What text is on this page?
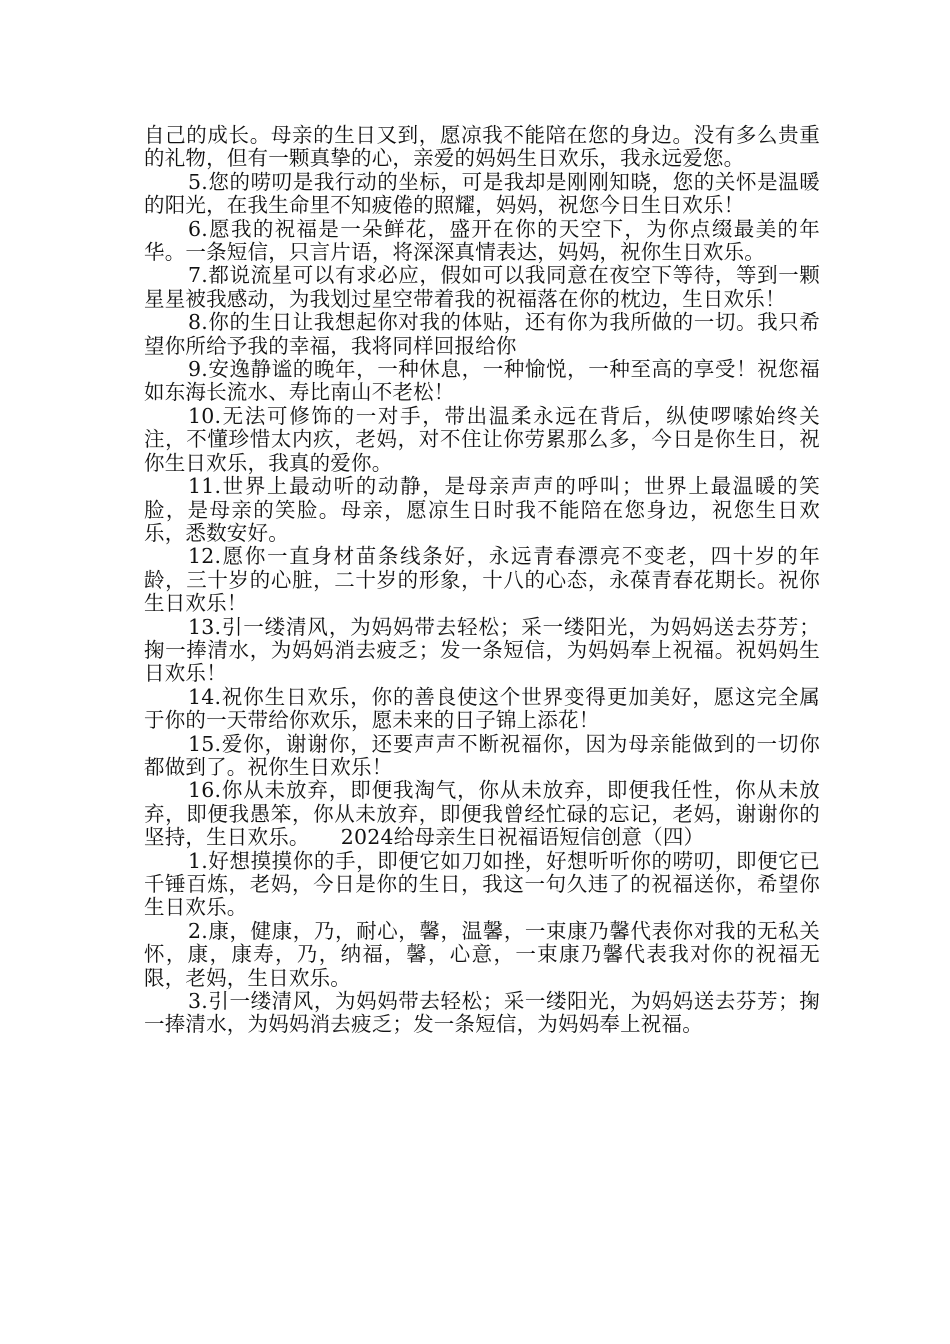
自己的成长。母亲的生日又到，愿凉我不能陪在您的身边。没有多么贵重的礼物，但有一颗真挚的心，亲爱的妈妈生日欢乐，我永远爱您。

5.您的唠叨是我行动的坐标，可是我却是刚刚知晓，您的关怀是温暖的阳光，在我生命里不知疲倦的照耀，妈妈，祝您今日生日欢乐！

6.愿我的祝福是一朵鲜花，盛开在你的天空下，为你点缀最美的年华。一条短信，只言片语，将深深真情表达，妈妈，祝你生日欢乐。

7.都说流星可以有求必应，假如可以我同意在夜空下等待，等到一颗星星被我感动，为我划过星空带着我的祝福落在你的枕边，生日欢乐！

8.你的生日让我想起你对我的体贴，还有你为我所做的一切。我只希望你所给予我的幸福，我将同样回报给你

9.安逸静谧的晚年，一种休息，一种愉悦，一种至高的享受！祝您福如东海长流水、寿比南山不老松！

10.无法可修饰的一对手，带出温柔永远在背后，纵使啰嗦始终关注，不懂珍惜太内疚，老妈，对不住让你劳累那么多，今日是你生日，祝你生日欢乐，我真的爱你。

11.世界上最动听的动静，是母亲声声的呼叫；世界上最温暖的笑脸，是母亲的笑脸。母亲，愿凉生日时我不能陪在您身边，祝您生日欢乐，悉数安好。

12.愿你一直身材苗条线条好，永远青春漂亮不变老，四十岁的年龄，三十岁的心脏，二十岁的形象，十八的心态，永葆青春花期长。祝你生日欢乐！

13.引一缕清风，为妈妈带去轻松；采一缕阳光，为妈妈送去芬芳；掬一捧清水，为妈妈消去疲乏；发一条短信，为妈妈奉上祝福。祝妈妈生日欢乐！

14.祝你生日欢乐，你的善良使这个世界变得更加美好，愿这完全属于你的一天带给你欢乐，愿未来的日子锦上添花！

15.爱你，谢谢你，还要声声不断祝福你，因为母亲能做到的一切你都做到了。祝你生日欢乐！

16.你从未放弃，即便我淘气，你从未放弃，即便我任性，你从未放弃，即便我愚笨，你从未放弃，即便我曾经忙碌的忘记，老妈，谢谢你的坚持，生日欢乐。　　2024给母亲生日祝福语短信创意（四）

1.好想摸摸你的手，即便它如刀如挫，好想听听你的唠叨，即便它已千锤百炼，老妈，今日是你的生日，我这一句久违了的祝福送你，希望你生日欢乐。

2.康，健康，乃，耐心，馨，温馨，一束康乃馨代表你对我的无私关怀，康，康寿，乃，纳福，馨，心意，一束康乃馨代表我对你的祝福无限，老妈，生日欢乐。

3.引一缕清风，为妈妈带去轻松；采一缕阳光，为妈妈送去芬芳；掬一捧清水，为妈妈消去疲乏；发一条短信，为妈妈奉上祝福。
